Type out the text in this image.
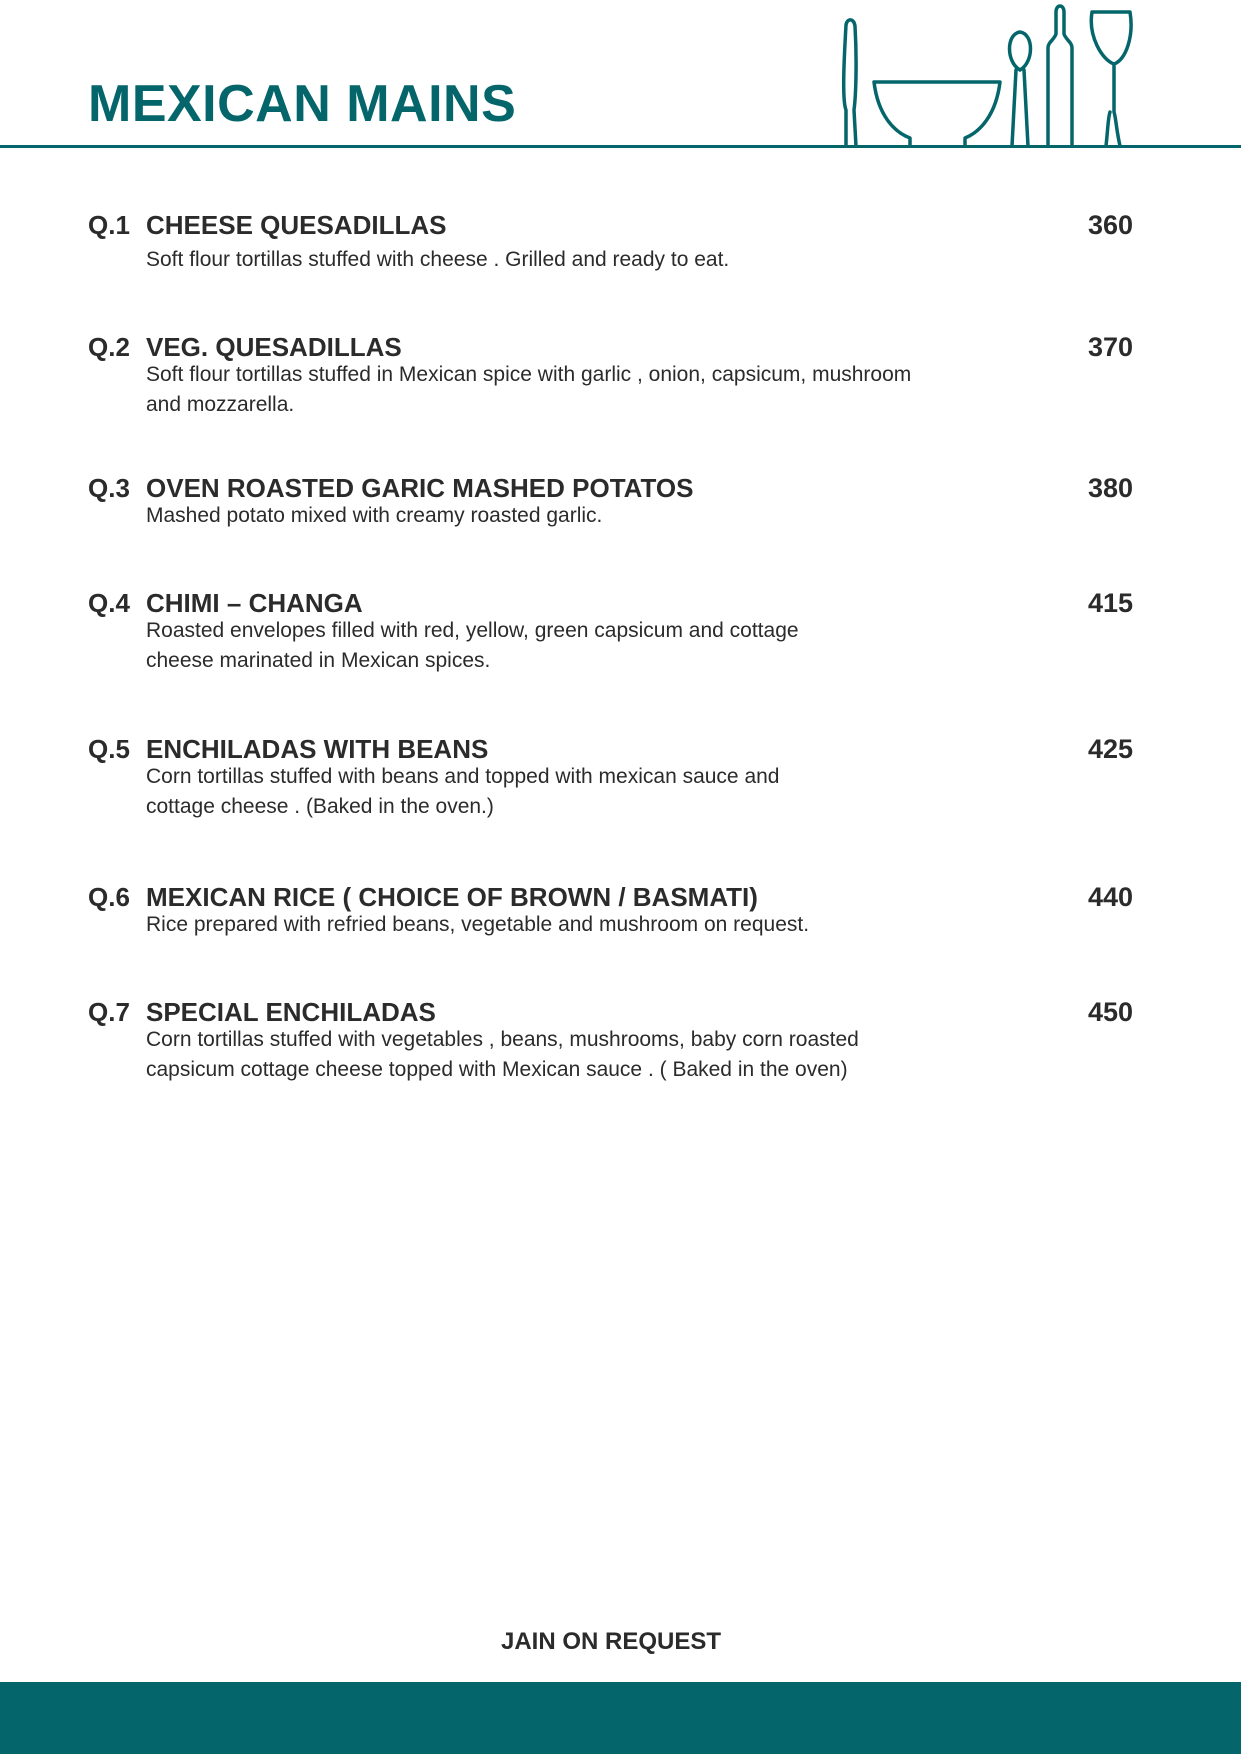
MEXICAN MAINS
Q.1 CHEESE QUESADILLAS	360

Soft flour tortillas stuffed with cheese . Grilled and ready to eat.

Q.2 VEG. QUESADILLAS	370

Soft flour tortillas stuffed in Mexican spice with garlic , onion, capsicum, mushroom
and mozzarella.

Q.3 OVEN ROASTED GARIC MASHED POTATOS	380

Mashed potato mixed with creamy roasted garlic.

Q.4 CHIMI – CHANGA	415

Roasted envelopes filled with red, yellow, green capsicum and cottage
cheese marinated in Mexican spices.

Q.5 ENCHILADAS WITH BEANS	425

Corn tortillas stuffed with beans and topped with mexican sauce and
cottage cheese . (Baked in the oven.)

Q.6 MEXICAN RICE ( CHOICE OF BROWN / BASMATI)	440

Rice prepared with refried beans, vegetable and mushroom on request.

Q.7 SPECIAL ENCHILADAS	450

Corn tortillas stuffed with vegetables , beans, mushrooms, baby corn roasted
capsicum cottage cheese topped with Mexican sauce . ( Baked in the oven)

JAIN ON REQUEST
